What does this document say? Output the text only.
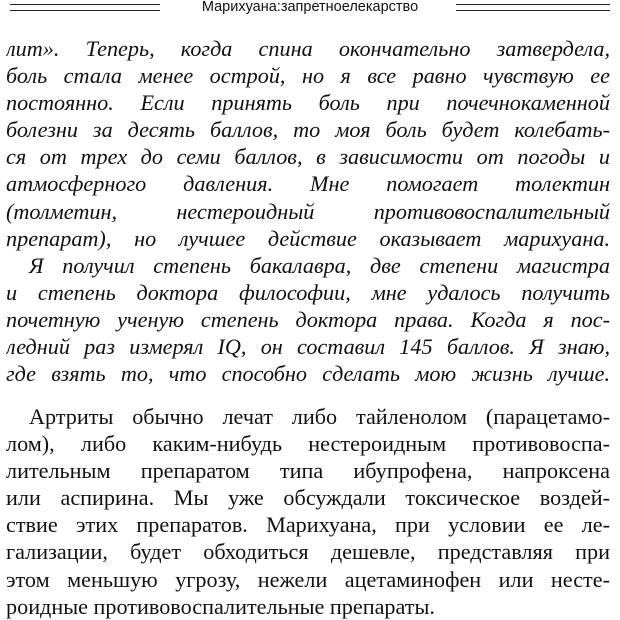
Марихуана:запретноелекарство
лит». Теперь, когда спина окончательно затвердела,
боль стала менее острой, но я все равно чувствую ее
постоянно. Если принять боль при почечнокаменной
болезни за десять баллов, то моя боль будет колебать-
ся от трех до семи баллов, в зависимости от погоды и
атмосферного давления. Мне помогает толектин
(толметин, нестероидный противовоспалительный
препарат), но лучшее действие оказывает марихуана.
Я получил степень бакалавра, две степени магистра
и степень доктора философии, мне удалось получить
почетную ученую степень доктора права. Когда я пос-
ледний раз измерял IQ, он составил 145 баллов. Я знаю,
где взять то, что способно сделать мою жизнь лучше.
Артриты обычно лечат либо тайленолом (парацетамо-
лом), либо каким-нибудь нестероидным противовоспа-
лительным препаратом типа ибупрофена, напроксена
или аспирина. Мы уже обсуждали токсическое воздей-
ствие этих препаратов. Марихуана, при условии ее ле-
гализации, будет обходиться дешевле, представляя при
этом меньшую угрозу, нежели ацетаминофен или несте-
роидные противовоспалительные препараты.
